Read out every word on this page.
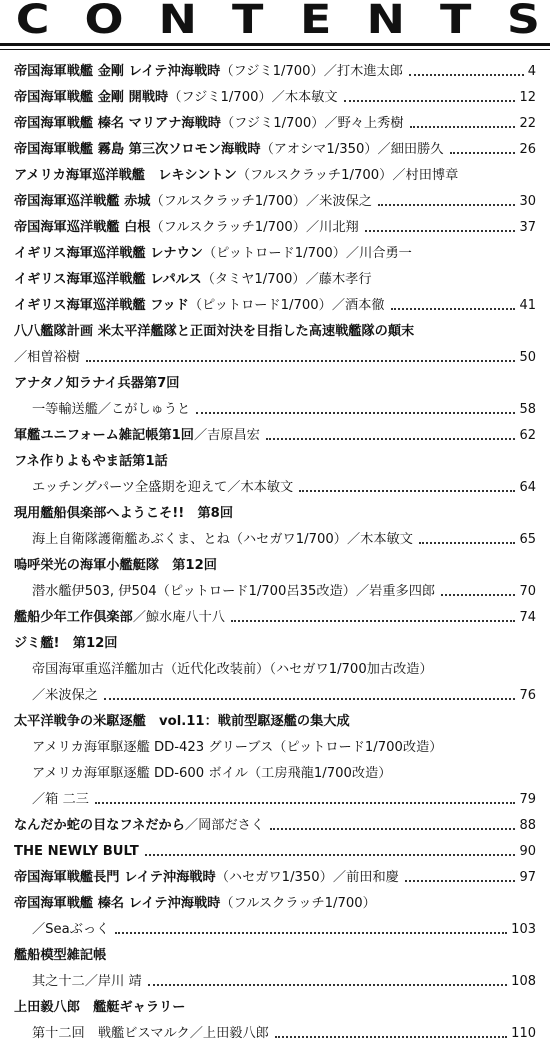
C O N T E N T S
帝国海軍戦艦 金剛 レイテ沖海戦時（フジミ1/700）／打木進太郎	4
帝国海軍戦艦 金剛 開戦時（フジミ1/700）／木本敏文	12
帝国海軍戦艦 榛名 マリアナ海戦時（フジミ1/700）／野々上秀樹	22
帝国海軍戦艦 霧島 第三次ソロモン海戦時（アオシマ1/350）／細田勝久	26
アメリカ海軍巡洋戦艦　レキシントン（フルスクラッチ1/700）／村田博章
帝国海軍巡洋戦艦 赤城（フルスクラッチ1/700）／米波保之	30
帝国海軍巡洋戦艦 白根（フルスクラッチ1/700）／川北翔	37
イギリス海軍巡洋戦艦 レナウン（ピットロード1/700）／川合勇一
イギリス海軍巡洋戦艦 レパルス（タミヤ1/700）／藤木孝行
イギリス海軍巡洋戦艦 フッド（ピットロード1/700）／酒本徹	41
八八艦隊計画 米太平洋艦隊と正面対決を目指した高速戦艦隊の顛末
／相曽裕樹	50
アナタノ知ラナイ兵器第7回
一等輸送艦／こがしゅうと	58
軍艦ユニフォーム雑記帳第1回／吉原昌宏	62
フネ作りよもやま話第1話
エッチングパーツ全盛期を迎えて／木本敏文	64
現用艦船倶楽部へようこそ!!　第8回
海上自衛隊護衛艦あぶくま、とね（ハセガワ1/700）／木本敏文	65
嗚呼栄光の海軍小艦艇隊　第12回
潜水艦伊503, 伊504（ピットロード1/700呂35改造）／岩重多四郎	70
艦船少年工作倶楽部／鯨水庵八十八	74
ジミ艦!　第12回
帝国海軍重巡洋艦加古（近代化改装前）（ハセガワ1/700加古改造）
／米波保之	76
太平洋戦争の米駆逐艦　vol.11：戦前型駆逐艦の集大成
アメリカ海軍駆逐艦 DD-423 グリーブス（ピットロード1/700改造）
アメリカ海軍駆逐艦 DD-600 ボイル（工房飛龍1/700改造）
／箱 二三	79
なんだか蛇の目なフネだから／岡部ださく	88
THE NEWLY BULT	90
帝国海軍戦艦長門 レイテ沖海戦時（ハセガワ1/350）／前田和慶	97
帝国海軍戦艦 榛名 レイテ沖海戦時（フルスクラッチ1/700）
／Seaぶっく	103
艦船模型雑記帳
其之十二／岸川 靖	108
上田毅八郎　艦艇ギャラリー
第十二回　戦艦ビスマルク／上田毅八郎	110
